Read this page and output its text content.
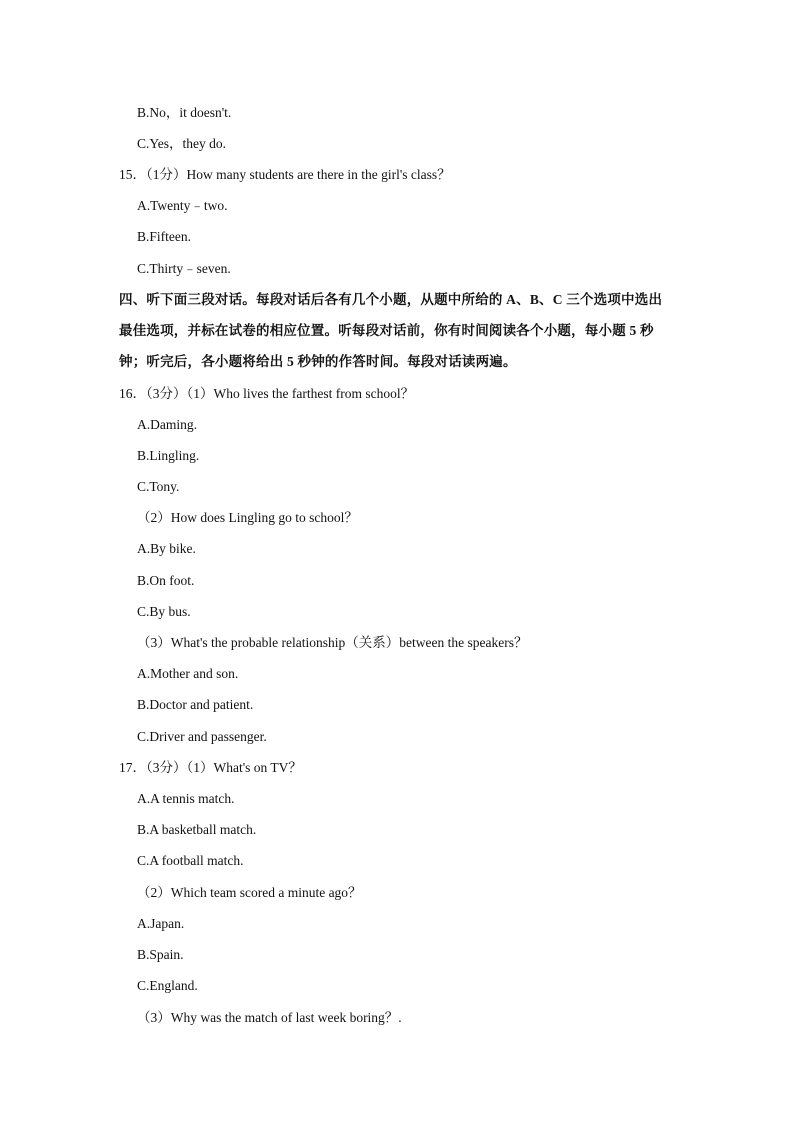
B.No，it doesn't.
C.Yes，they do.
15．（1分）How many students are there in the girl's class？
A.Twenty﹣two.
B.Fifteen.
C.Thirty﹣seven.
四、听下面三段对话。每段对话后各有几个小题，从题中所给的 A、B、C 三个选项中选出
最佳选项，并标在试卷的相应位置。听每段对话前，你有时间阅读各个小题，每小题 5 秒
钟；听完后，各小题将给出 5 秒钟的作答时间。每段对话读两遍。
16．（3分）（1）Who lives the farthest from school？
A.Daming.
B.Lingling.
C.Tony.
（2）How does Lingling go to school？
A.By bike.
B.On foot.
C.By bus.
（3）What's the probable relationship（关系）between the speakers？
A.Mother and son.
B.Doctor and patient.
C.Driver and passenger.
17．（3分）（1）What's on TV？
A.A tennis match.
B.A basketball match.
C.A football match.
（2）Which team scored a minute ago？
A.Japan.
B.Spain.
C.England.
（3）Why was the match of last week boring？.
